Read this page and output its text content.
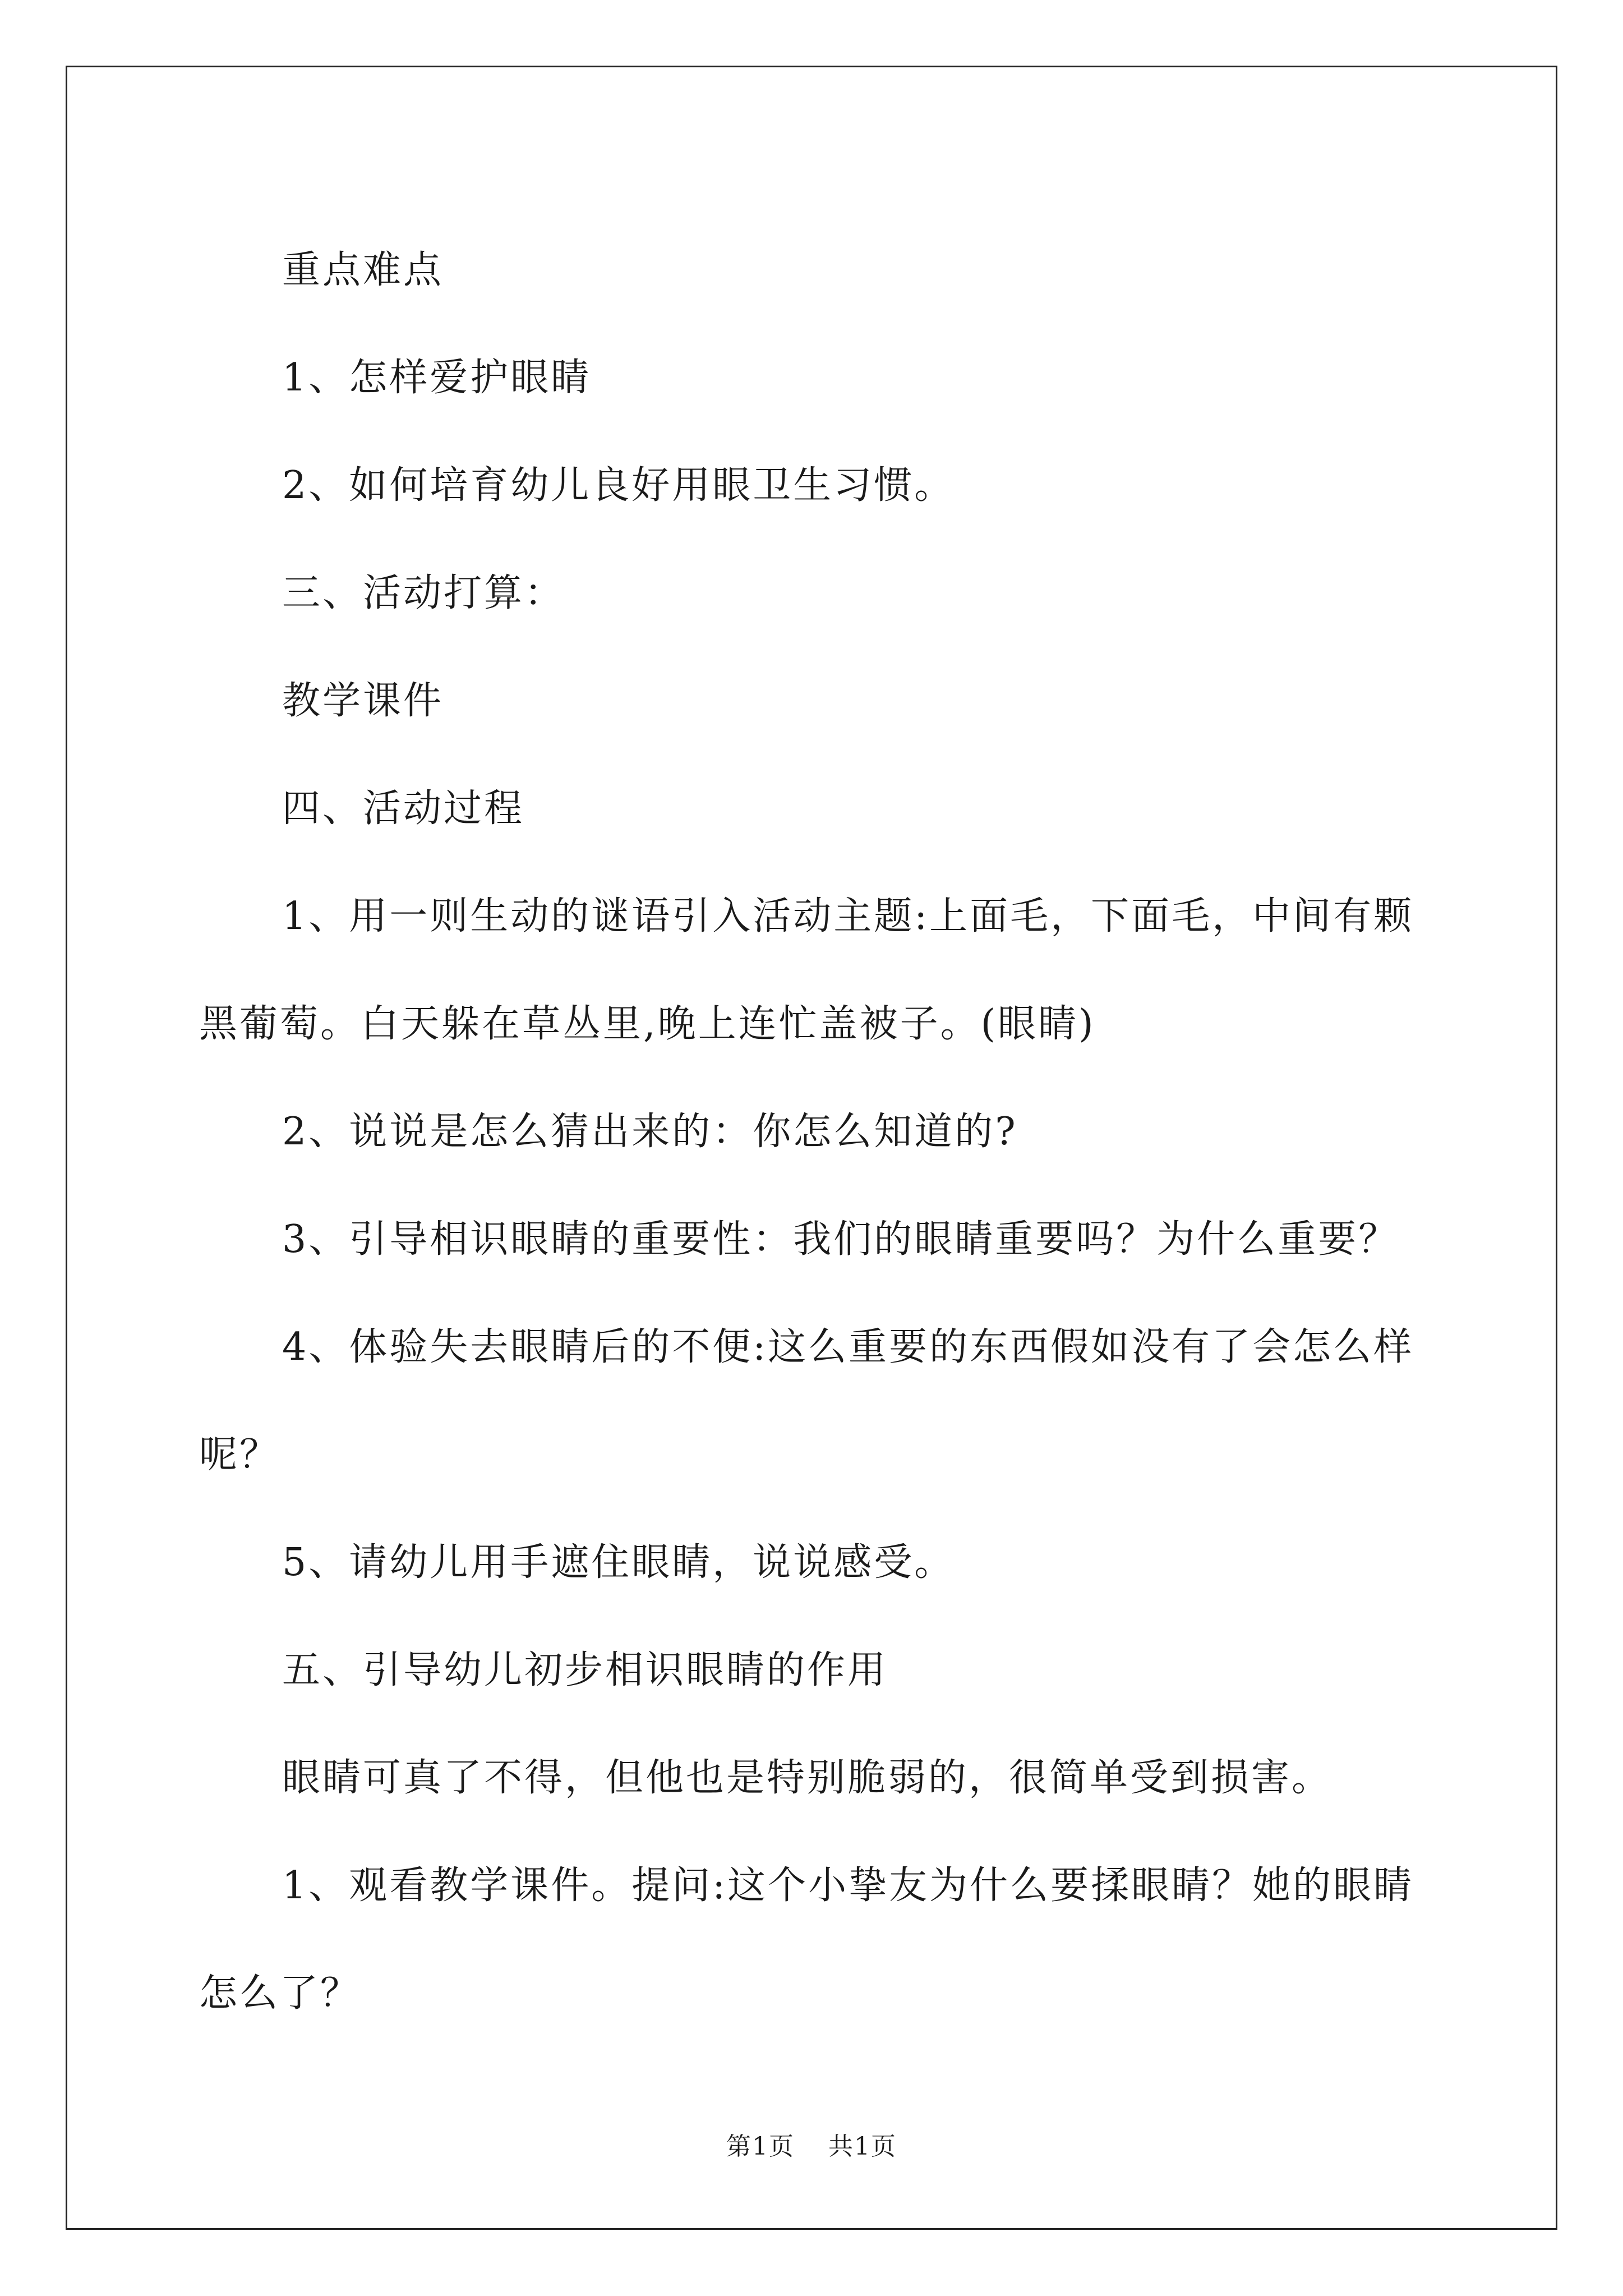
重点难点

1、怎样爱护眼睛

2、如何培育幼儿良好用眼卫生习惯。

三、活动打算：

教学课件

四、活动过程

1、用一则生动的谜语引入活动主题:上面毛，下面毛，中间有颗黑葡萄。白天躲在草丛里,晚上连忙盖被子。(眼睛)

2、说说是怎么猜出来的：你怎么知道的?

3、引导相识眼睛的重要性：我们的眼睛重要吗？为什么重要？

4、体验失去眼睛后的不便:这么重要的东西假如没有了会怎么样呢？

5、请幼儿用手遮住眼睛，说说感受。

五、引导幼儿初步相识眼睛的作用

眼睛可真了不得，但他也是特别脆弱的，很简单受到损害。

1、观看教学课件。提问:这个小挚友为什么要揉眼睛？她的眼睛怎么了？

第1页 共1页
